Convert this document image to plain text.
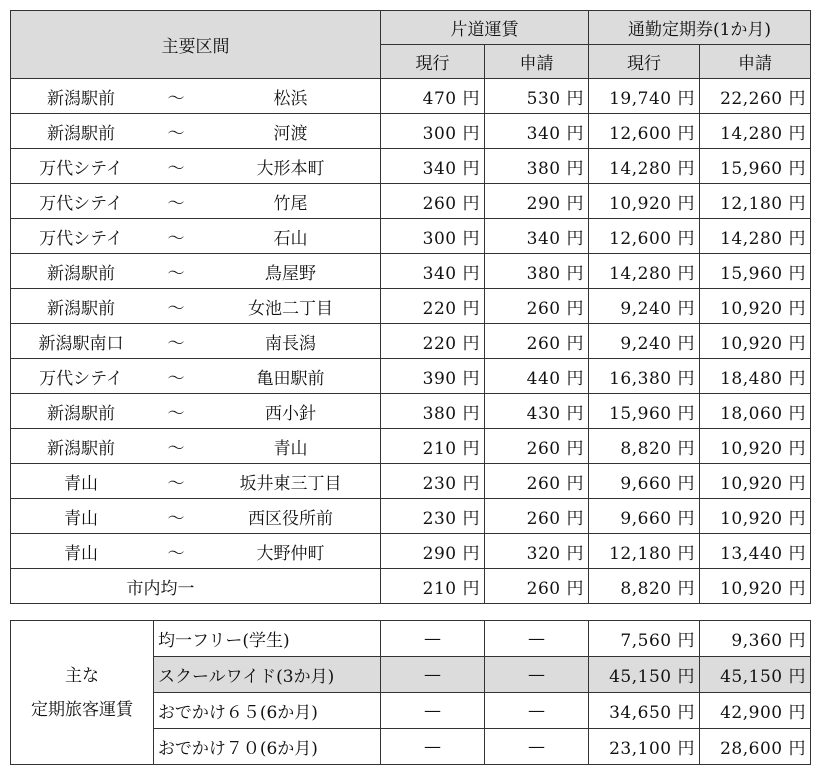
主要区間	片道運賃		通勤定期券(1か月)	
	現行	申請	現行	申請

新潟駅前 〜 松浜	470 円	530 円	19,740 円	22,260 円

新潟駅前 〜 河渡	300 円	340 円	12,600 円	14,280 円

万代シテイ 〜 大形本町	340 円	380 円	14,280 円	15,960 円

万代シテイ 〜 竹尾	260 円	290 円	10,920 円	12,180 円

万代シテイ 〜 石山	300 円	340 円	12,600 円	14,280 円

新潟駅前 〜 鳥屋野	340 円	380 円	14,280 円	15,960 円

新潟駅前 〜 女池二丁目	220 円	260 円	9,240 円	10,920 円

新潟駅南口 〜 南長潟	220 円	260 円	9,240 円	10,920 円

万代シテイ 〜 亀田駅前	390 円	440 円	16,380 円	18,480 円

新潟駅前 〜 西小針	380 円	430 円	15,960 円	18,060 円

新潟駅前 〜 青山	210 円	260 円	8,820 円	10,920 円

青山 〜 坂井東三丁目	230 円	260 円	9,660 円	10,920 円

青山 〜 西区役所前	230 円	260 円	9,660 円	10,920 円

青山 〜 大野仲町	290 円	320 円	12,180 円	13,440 円
市内均一	210 円	260 円	8,820 円	10,920 円
主な
定期旅客運賃	均一フリー(学生)	—	—	7,560 円	9,360 円
	スクールワイド(3か月)	—	—	45,150 円	45,150 円
	おでかけ６５(6か月)	—	—	34,650 円	42,900 円
	おでかけ７０(6か月)	—	—	23,100 円	28,600 円
